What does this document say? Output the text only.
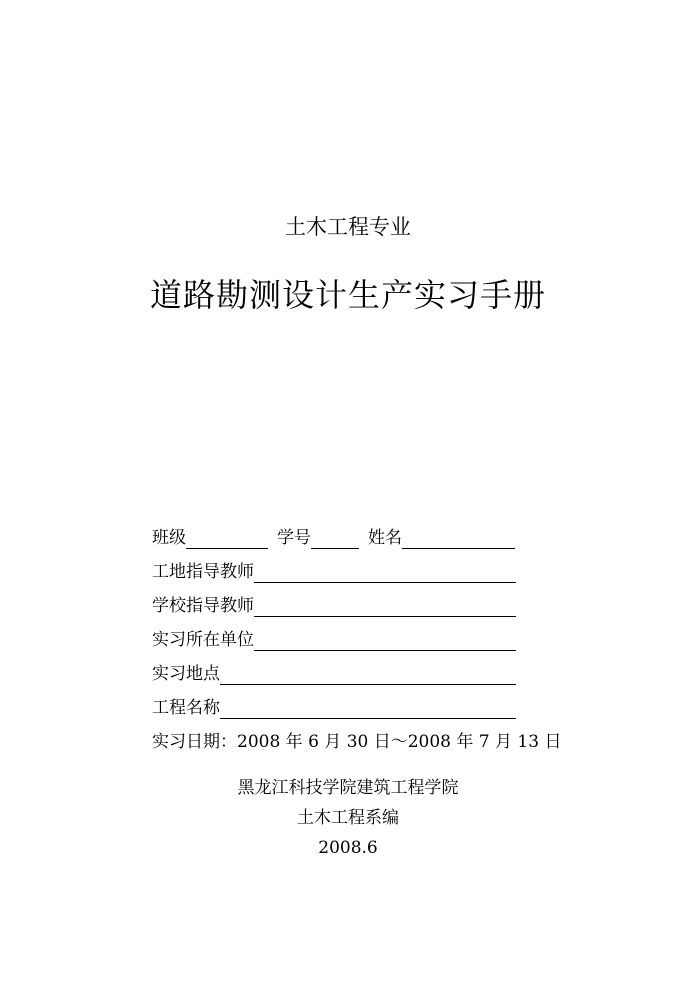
土木工程专业
道路勘测设计生产实习手册
班级	学号	姓名
工地指导教师
学校指导教师
实习所在单位
实习地点
工程名称
实习日期：2008 年 6 月 30 日～2008 年 7 月 13 日
黑龙江科技学院建筑工程学院
土木工程系编
2008.6
